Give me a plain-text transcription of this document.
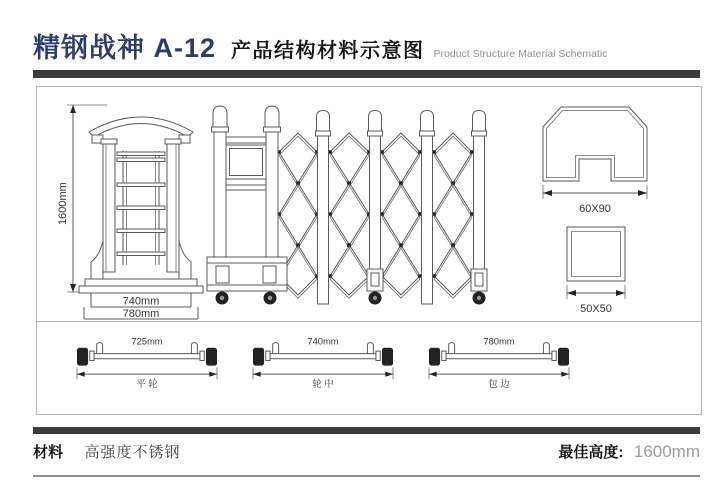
精钢战神 A-12 产品结构材料示意图 Product Structure Material Schematic
1600mm
740mm
780mm
60X90
50X50
725mm
平 轮
740mm
轮 中
780mm
包 边
材料 高强度不锈钢	最佳高度: 1600mm
